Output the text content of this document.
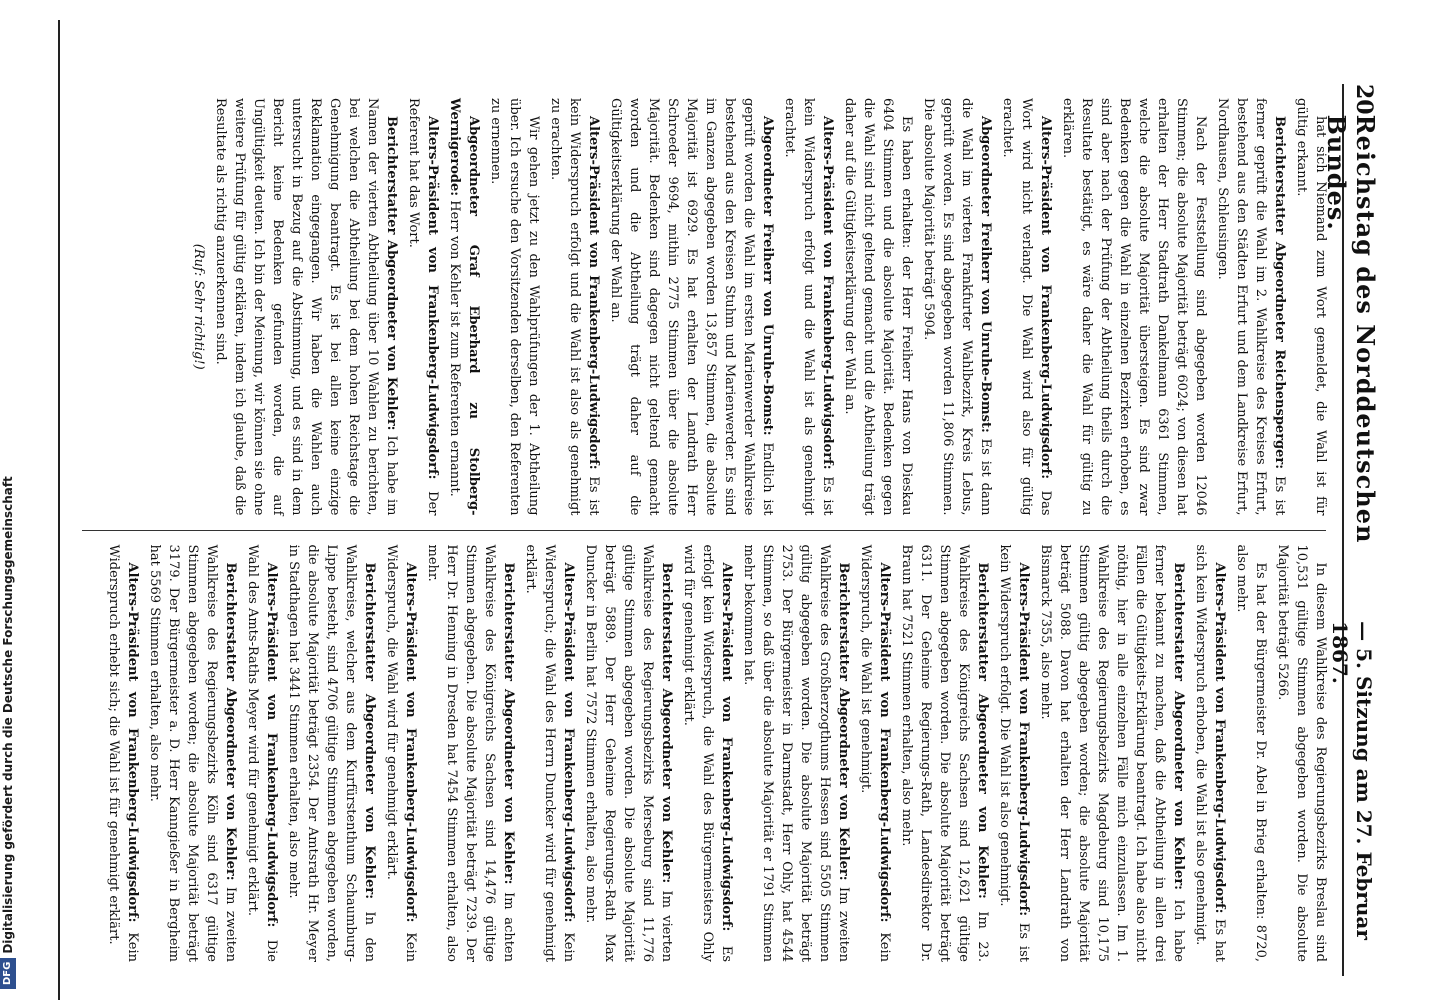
20
Reichstag des Norddeutschen Bundes.
— 5. Sitzung am 27. Februar 1867.

hat sich Niemand zum Wort gemeldet, die Wahl ist für gültig erkannt.

Berichterstatter Abgeordneter Reichensperger: Es ist ferner geprüft die Wahl im 2. Wahlkreise des Kreises Erfurt, bestehend aus den Städten Erfurt und dem Landkreise Erfurt, Nordhausen, Schleusingen.

Nach der Feststellung sind abgegeben worden 12046 Stimmen; die absolute Majorität beträgt 6024; von diesen hat erhalten der Herr Stadtrath Dankelmann 6361 Stimmen, welche die absolute Majorität übersteigen. Es sind zwar Bedenken gegen die Wahl in einzelnen Bezirken erhoben, es sind aber nach der Prüfung der Abtheilung theils durch die Resultate bestätigt, es wäre daher die Wahl für gültig zu erklären.

Alters-Präsident von Frankenberg-Ludwigsdorf: Das Wort wird nicht verlangt. Die Wahl wird also für gültig erachtet.

Abgeordneter Freiherr von Unruhe-Bomst: Es ist dann die Wahl im vierten Frankfurter Wahlbezirk, Kreis Lebus, geprüft worden. Es sind abgegeben worden 11,806 Stimmen. Die absolute Majorität beträgt 5904.

Es haben erhalten: der Herr Freiherr Hans von Dieskau 6404 Stimmen und die absolute Majorität. Bedenken gegen die Wahl sind nicht geltend gemacht und die Abtheilung trägt daher auf die Gültigkeitserklärung der Wahl an.

Alters-Präsident von Frankenberg-Ludwigsdorf: Es ist kein Widerspruch erfolgt und die Wahl ist als genehmigt erachtet.

Abgeordneter Freiherr von Unruhe-Bomst: Endlich ist geprüft worden die Wahl im ersten Marienwerder Wahlkreise bestehend aus den Kreisen Stuhm und Marienwerder. Es sind im Ganzen abgegeben worden 13,857 Stimmen, die absolute Majorität ist 6929. Es hat erhalten der Landrath Herr Schroeder 9694, mithin 2775 Stimmen über die absolute Majorität. Bedenken sind dagegen nicht geltend gemacht worden und die Abtheilung trägt daher auf die Gültigkeitserklärung der Wahl an.

Alters-Präsident von Frankenberg-Ludwigsdorf: Es ist kein Widerspruch erfolgt und die Wahl ist also als genehmigt zu erachten.

Wir gehen jetzt zu den Wahlprüfungen der 1. Abtheilung über. Ich ersuche den Vorsitzenden derselben, den Referenten zu ernennen.

Abgeordneter Graf Eberhard zu Stolberg-Wernigerode: Herr von Kehler ist zum Referenten ernannt.

Alters-Präsident von Frankenberg-Ludwigsdorf: Der Referent hat das Wort.

Berichterstatter Abgeordneter von Kehler: Ich habe im Namen der vierten Abtheilung über 10 Wahlen zu berichten, bei welchen die Abtheilung bei dem hohen Reichstage die Genehmigung beantragt. Es ist bei allen keine einzige Reklamation eingegangen. Wir haben die Wahlen auch untersucht in Bezug auf die Abstimmung, und es sind in dem Bericht keine Bedenken gefunden worden, die auf Ungültigkeit deuten. Ich bin der Meinung, wir können sie ohne weitere Prüfung für gültig erklären, indem ich glaube, daß die Resultate als richtig anzuerkennen sind.

(Ruf: Sehr richtig!)

In diesem Wahlkreise des Regierungsbezirks Breslau sind 10,531 gültige Stimmen abgegeben worden. Die absolute Majorität beträgt 5266.

Es hat der Bürgermeister Dr. Abel in Brieg erhalten: 8720, also mehr.

Alters-Präsident von Frankenberg-Ludwigsdorf: Es hat sich kein Widerspruch erhoben, die Wahl ist also genehmigt.

Berichterstatter Abgeordneter von Kehler: Ich habe ferner bekannt zu machen, daß die Abtheilung in allen drei Fällen die Gültigkeits-Erklärung beantragt. Ich habe also nicht nöthig, hier in alle einzelnen Fälle mich einzulassen. Im 1. Wahlkreise des Regierungsbezirks Magdeburg sind 10,175 Stimmen gültig abgegeben worden; die absolute Majorität beträgt 5088. Davon hat erhalten der Herr Landrath von Bismarck 7355, also mehr.

Alters-Präsident von Frankenberg-Ludwigsdorf: Es ist kein Widerspruch erfolgt. Die Wahl ist also genehmigt.

Berichterstatter Abgeordneter von Kehler: Im 23. Wahlkreise des Königreichs Sachsen sind 12,621 gültige Stimmen abgegeben worden. Die absolute Majorität beträgt 6311. Der Geheime Regierungs-Rath, Landesdirektor Dr. Braun hat 7521 Stimmen erhalten, also mehr.

Alters-Präsident von Frankenberg-Ludwigsdorf: Kein Widerspruch, die Wahl ist genehmigt.

Berichterstatter Abgeordneter von Kehler: Im zweiten Wahlkreise des Großherzogthums Hessen sind 5505 Stimmen gültig abgegeben worden. Die absolute Majorität beträgt 2753. Der Bürgermeister in Darmstadt, Herr Ohly, hat 4544 Stimmen, so daß über die absolute Majorität er 1791 Stimmen mehr bekommen hat.

Alters-Präsident von Frankenberg-Ludwigsdorf: Es erfolgt kein Widerspruch, die Wahl des Bürgermeisters Ohly wird für genehmigt erklärt.

Berichterstatter Abgeordneter von Kehler: Im vierten Wahlkreise des Regierungsbezirks Merseburg sind 11,776 gültige Stimmen abgegeben worden. Die absolute Majorität beträgt 5889. Der Herr Geheime Regierungs-Rath Max Duncker in Berlin hat 7572 Stimmen erhalten, also mehr.

Alters-Präsident von Frankenberg-Ludwigsdorf: Kein Widerspruch; die Wahl des Herrn Duncker wird für genehmigt erklärt.

Berichterstatter Abgeordneter von Kehler: Im achten Wahlkreise des Königreichs Sachsen sind 14,476 gültige Stimmen abgegeben. Die absolute Majorität beträgt 7239. Der Herr Dr. Henning in Dresden hat 7454 Stimmen erhalten, also mehr.

Alters-Präsident von Frankenberg-Ludwigsdorf: Kein Widerspruch, die Wahl wird für genehmigt erklärt.

Berichterstatter Abgeordneter von Kehler: In den Wahlkreise, welcher aus dem Kurfürstenthum Schaumburg-Lippe besteht, sind 4706 gültige Stimmen abgegeben worden, die absolute Majorität beträgt 2354. Der Amtsrath Hr. Meyer in Stadthagen hat 3441 Stimmen erhalten, also mehr.

Alters-Präsident von Frankenberg-Ludwigsdorf: Die Wahl des Amts-Raths Meyer wird für genehmigt erklärt.

Berichterstatter Abgeordneter von Kehler: Im zweiten Wahlkreise des Regierungsbezirks Köln sind 6317 gültige Stimmen abgegeben worden; die absolute Majorität beträgt 3179. Der Bürgermeister a. D. Herr Kanngießer in Bergheim hat 5569 Stimmen erhalten, also mehr.

Alters-Präsident von Frankenberg-Ludwigsdorf: Kein Widerspruch erhebt sich; die Wahl ist für genehmigt erklärt.

DFG
Digitalisierung gefördert durch die Deutsche Forschungsgemeinschaft
